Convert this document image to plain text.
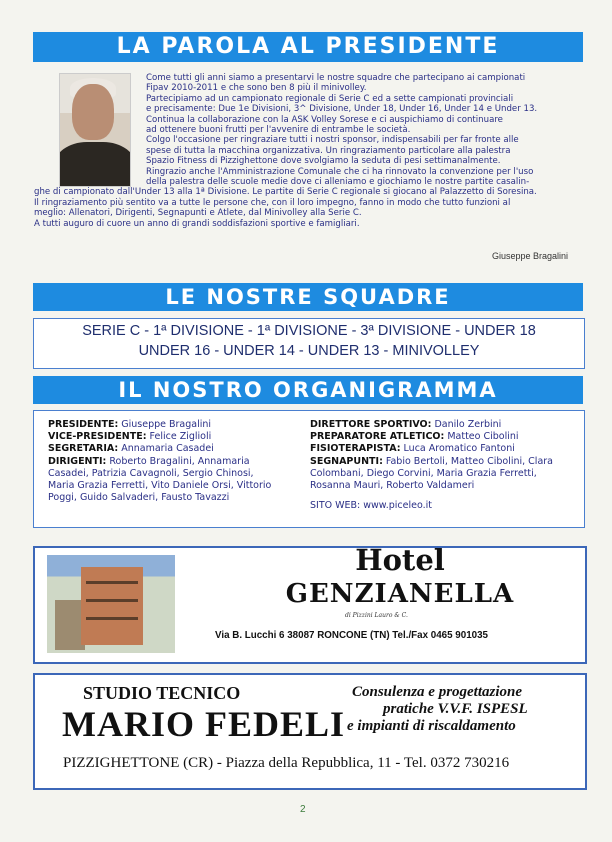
LA PAROLA AL PRESIDENTE

Come tutti gli anni siamo a presentarvi le nostre squadre che partecipano ai campionati

Fipav 2010-2011 e che sono ben 8 più il minivolley.

Partecipiamo ad un campionato regionale di Serie C ed a sette campionati provinciali

e precisamente: Due 1e Divisioni, 3^ Divisione, Under 18, Under 16, Under 14 e Under 13.

Continua la collaborazione con la ASK Volley Sorese e ci auspichiamo di continuare

ad ottenere buoni frutti per l'avvenire di entrambe le società.

Colgo l'occasione per ringraziare tutti i nostri sponsor, indispensabili per far fronte alle

spese di tutta la macchina organizzativa. Un ringraziamento particolare alla palestra

Spazio Fitness di Pizzighettone dove svolgiamo la seduta di pesi settimanalmente.

Ringrazio anche l'Amministrazione Comunale che ci ha rinnovato la convenzione per l'uso

della palestra delle scuole medie dove ci alleniamo e giochiamo le nostre partite casalin-

ghe di campionato dall'Under 13 alla 1ª Divisione. Le partite di Serie C regionale si giocano al Palazzetto di Soresina.

Il ringraziamento più sentito va a tutte le persone che, con il loro impegno, fanno in modo che tutto funzioni al

meglio: Allenatori, Dirigenti, Segnapunti e Atlete, dal Minivolley alla Serie C.

A tutti auguro di cuore un anno di grandi soddisfazioni sportive e famigliari.

Giuseppe Bragalini
LE NOSTRE SQUADRE
SERIE C - 1ª DIVISIONE - 1ª DIVISIONE - 3ª DIVISIONE - UNDER 18
UNDER 16 - UNDER 14 - UNDER 13 - MINIVOLLEY
IL NOSTRO ORGANIGRAMMA
PRESIDENTE: Giuseppe Bragalini
VICE-PRESIDENTE: Felice Ziglioli
SEGRETARIA: Annamaria Casadei
DIRIGENTI: Roberto Bragalini, Annamaria Casadei, Patrizia Cavagnoli, Sergio Chinosi, Maria Grazia Ferretti, Vito Daniele Orsi, Vittorio Poggi, Guido Salvaderi, Fausto Tavazzi
DIRETTORE SPORTIVO: Danilo Zerbini
PREPARATORE ATLETICO: Matteo Cibolini
FISIOTERAPISTA: Luca Aromatico Fantoni
SEGNAPUNTI: Fabio Bertoli, Matteo Cibolini, Clara Colombani, Diego Corvini, Maria Grazia Ferretti, Rosanna Mauri, Roberto Valdameri
SITO WEB: www.piceleo.it
Hotel
GENZIANELLA
di Pizzini Lauro & C.
Via B. Lucchi 6 38087 RONCONE (TN) Tel./Fax 0465 901035
STUDIO TECNICO
MARIO FEDELI
Consulenza e progettazione
pratiche V.V.F. ISPESL
e impianti di riscaldamento
PIZZIGHETTONE (CR) - Piazza della Repubblica, 11 - Tel. 0372 730216
2
